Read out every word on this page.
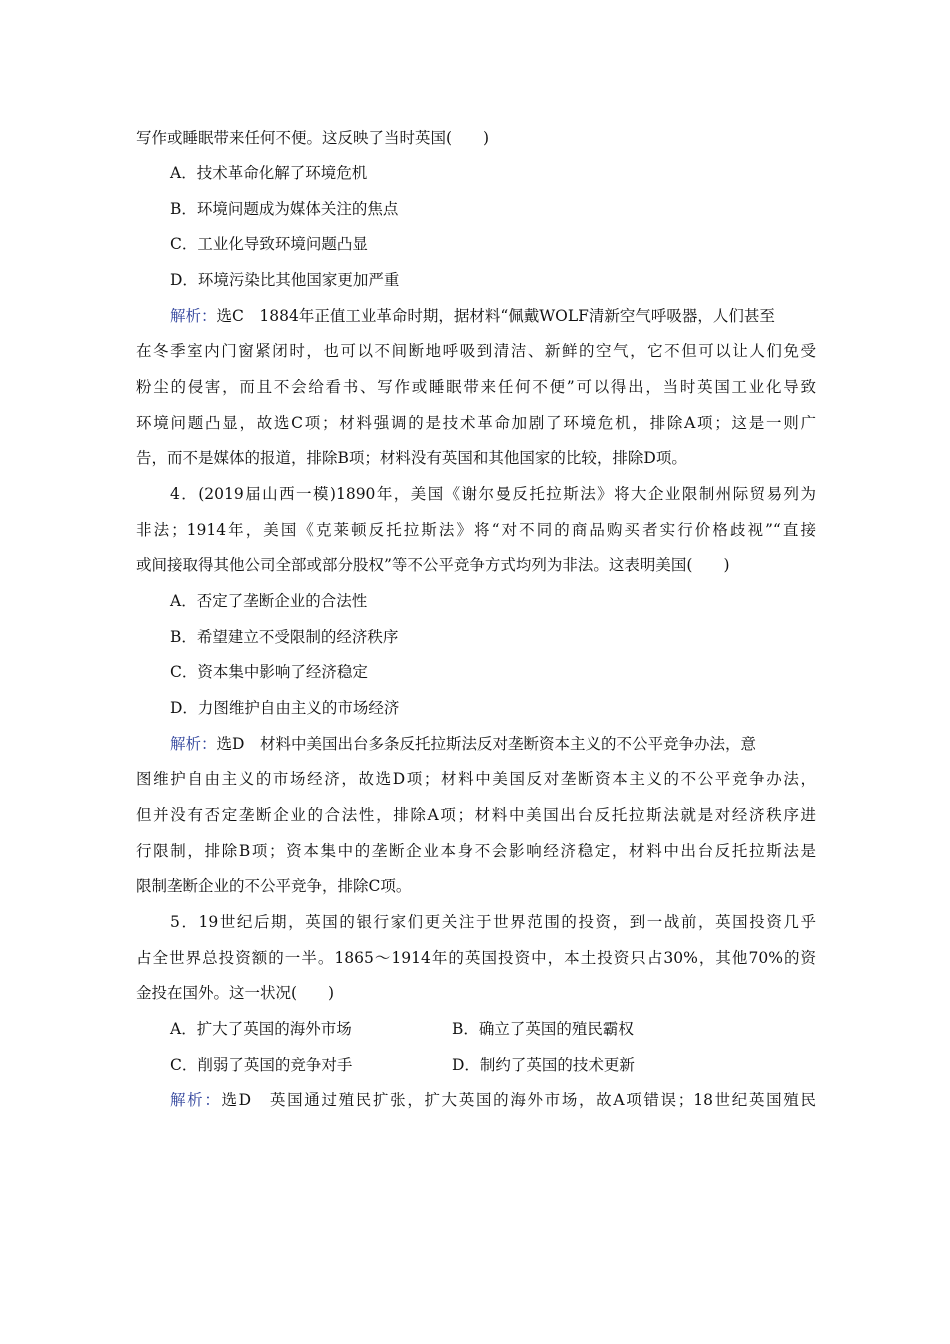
写作或睡眠带来任何不便。这反映了当时英国(　　)
A．技术革命化解了环境危机
B．环境问题成为媒体关注的焦点
C．工业化导致环境问题凸显
D．环境污染比其他国家更加严重
解析：选C　1884年正值工业革命时期，据材料“佩戴WOLF清新空气呼吸器，人们甚至
在冬季室内门窗紧闭时，也可以不间断地呼吸到清洁、新鲜的空气，它不但可以让人们免受
粉尘的侵害，而且不会给看书、写作或睡眠带来任何不便”可以得出，当时英国工业化导致
环境问题凸显，故选C项；材料强调的是技术革命加剧了环境危机，排除A项；这是一则广
告，而不是媒体的报道，排除B项；材料没有英国和其他国家的比较，排除D项。
4．(2019届山西一模)1890年，美国《谢尔曼反托拉斯法》将大企业限制州际贸易列为
非法；1914年，美国《克莱顿反托拉斯法》将“对不同的商品购买者实行价格歧视”“直接
或间接取得其他公司全部或部分股权”等不公平竞争方式均列为非法。这表明美国(　　)
A．否定了垄断企业的合法性
B．希望建立不受限制的经济秩序
C．资本集中影响了经济稳定
D．力图维护自由主义的市场经济
解析：选D　材料中美国出台多条反托拉斯法反对垄断资本主义的不公平竞争办法，意
图维护自由主义的市场经济，故选D项；材料中美国反对垄断资本主义的不公平竞争办法，
但并没有否定垄断企业的合法性，排除A项；材料中美国出台反托拉斯法就是对经济秩序进
行限制，排除B项；资本集中的垄断企业本身不会影响经济稳定，材料中出台反托拉斯法是
限制垄断企业的不公平竞争，排除C项。
5．19世纪后期，英国的银行家们更关注于世界范围的投资，到一战前，英国投资几乎
占全世界总投资额的一半。1865～1914年的英国投资中，本土投资只占30%，其他70%的资
金投在国外。这一状况(　　)
A．扩大了英国的海外市场	B．确立了英国的殖民霸权
C．削弱了英国的竞争对手	D．制约了英国的技术更新
解析：选D　英国通过殖民扩张，扩大英国的海外市场，故A项错误；18世纪英国殖民
